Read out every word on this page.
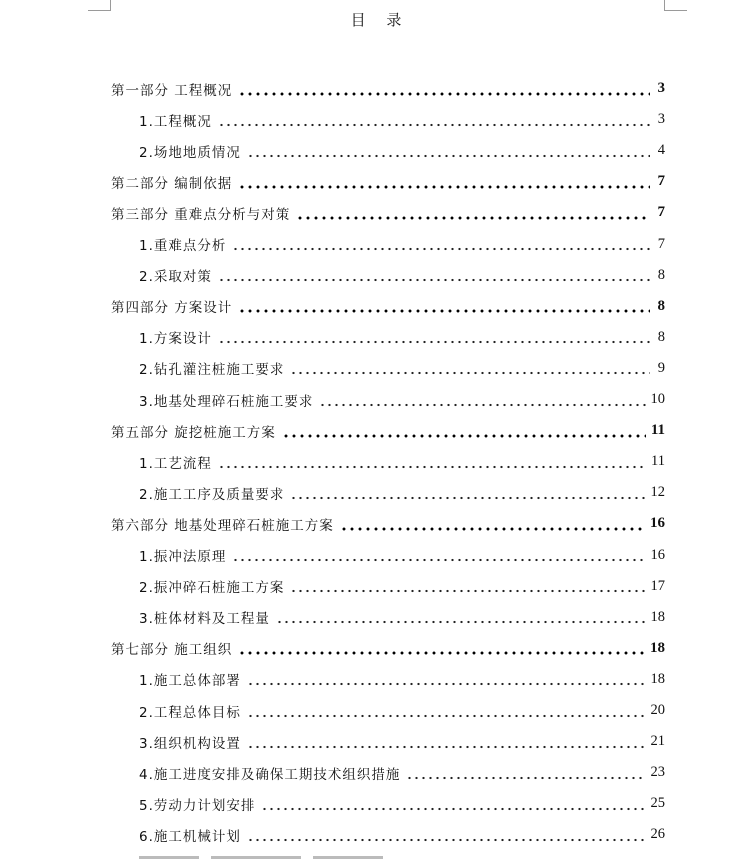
目 录
第一部分 工程概况	3
1.工程概况	3
2.场地地质情况	4
第二部分 编制依据	7
第三部分 重难点分析与对策	7
1.重难点分析	7
2.采取对策	8
第四部分 方案设计	8
1.方案设计	8
2.钻孔灌注桩施工要求	9
3.地基处理碎石桩施工要求	10
第五部分 旋挖桩施工方案	11
1.工艺流程	11
2.施工工序及质量要求	12
第六部分 地基处理碎石桩施工方案	16
1.振冲法原理	16
2.振冲碎石桩施工方案	17
3.桩体材料及工程量	18
第七部分 施工组织	18
1.施工总体部署	18
2.工程总体目标	20
3.组织机构设置	21
4.施工进度安排及确保工期技术组织措施	23
5.劳动力计划安排	25
6.施工机械计划	26
